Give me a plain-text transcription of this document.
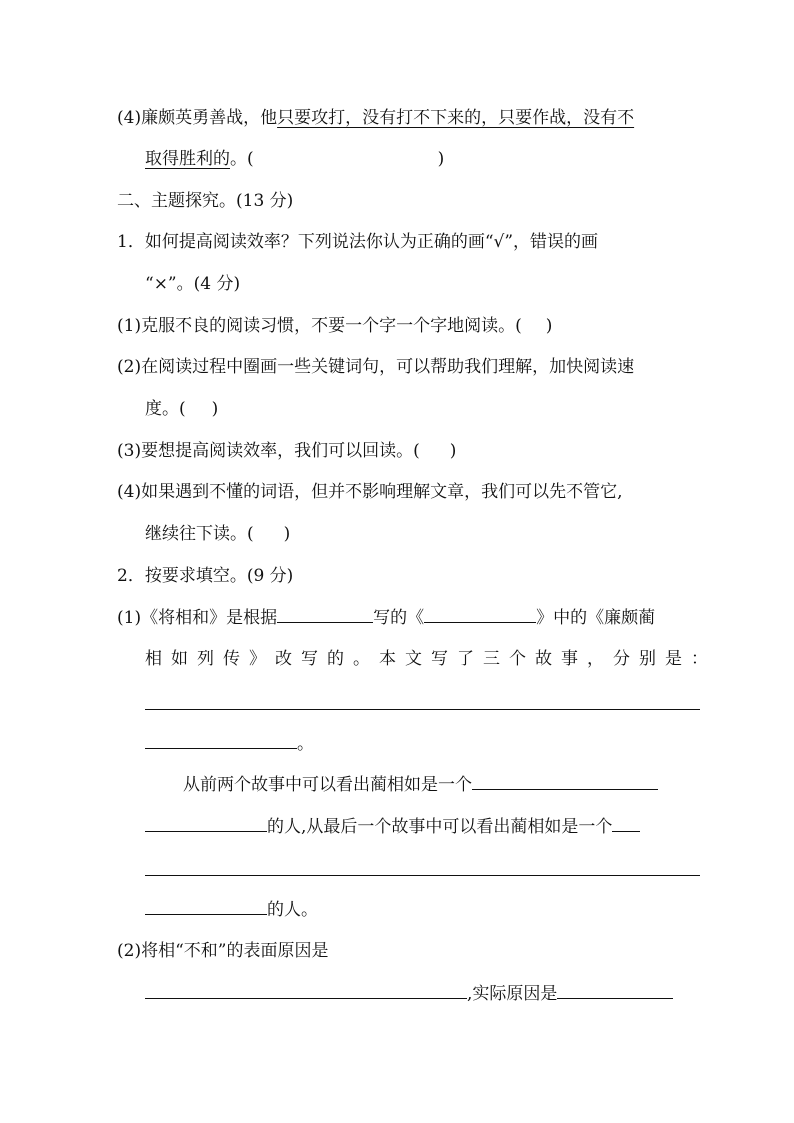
(4)廉颇英勇善战，他只要攻打，没有打不下来的，只要作战，没有不
取得胜利的。(	)
二、主题探究。(13 分)
1．如何提高阅读效率？下列说法你认为正确的画“√”，错误的画
“×”。(4 分)
(1)克服不良的阅读习惯，不要一个字一个字地阅读。( )
(2)在阅读过程中圈画一些关键词句，可以帮助我们理解，加快阅读速
度。( )
(3)要想提高阅读效率，我们可以回读。( )
(4)如果遇到不懂的词语，但并不影响理解文章，我们可以先不管它,
继续往下读。( )
2．按要求填空。(9 分)
(1)《将相和》是根据	写的《	》中的《廉颇蔺
相如列传》改写的。本文写了三个故事，分别是：
。
从前两个故事中可以看出蔺相如是一个
的人,从最后一个故事中可以看出蔺相如是一个
的人。
(2)将相“不和”的表面原因是
,实际原因是
